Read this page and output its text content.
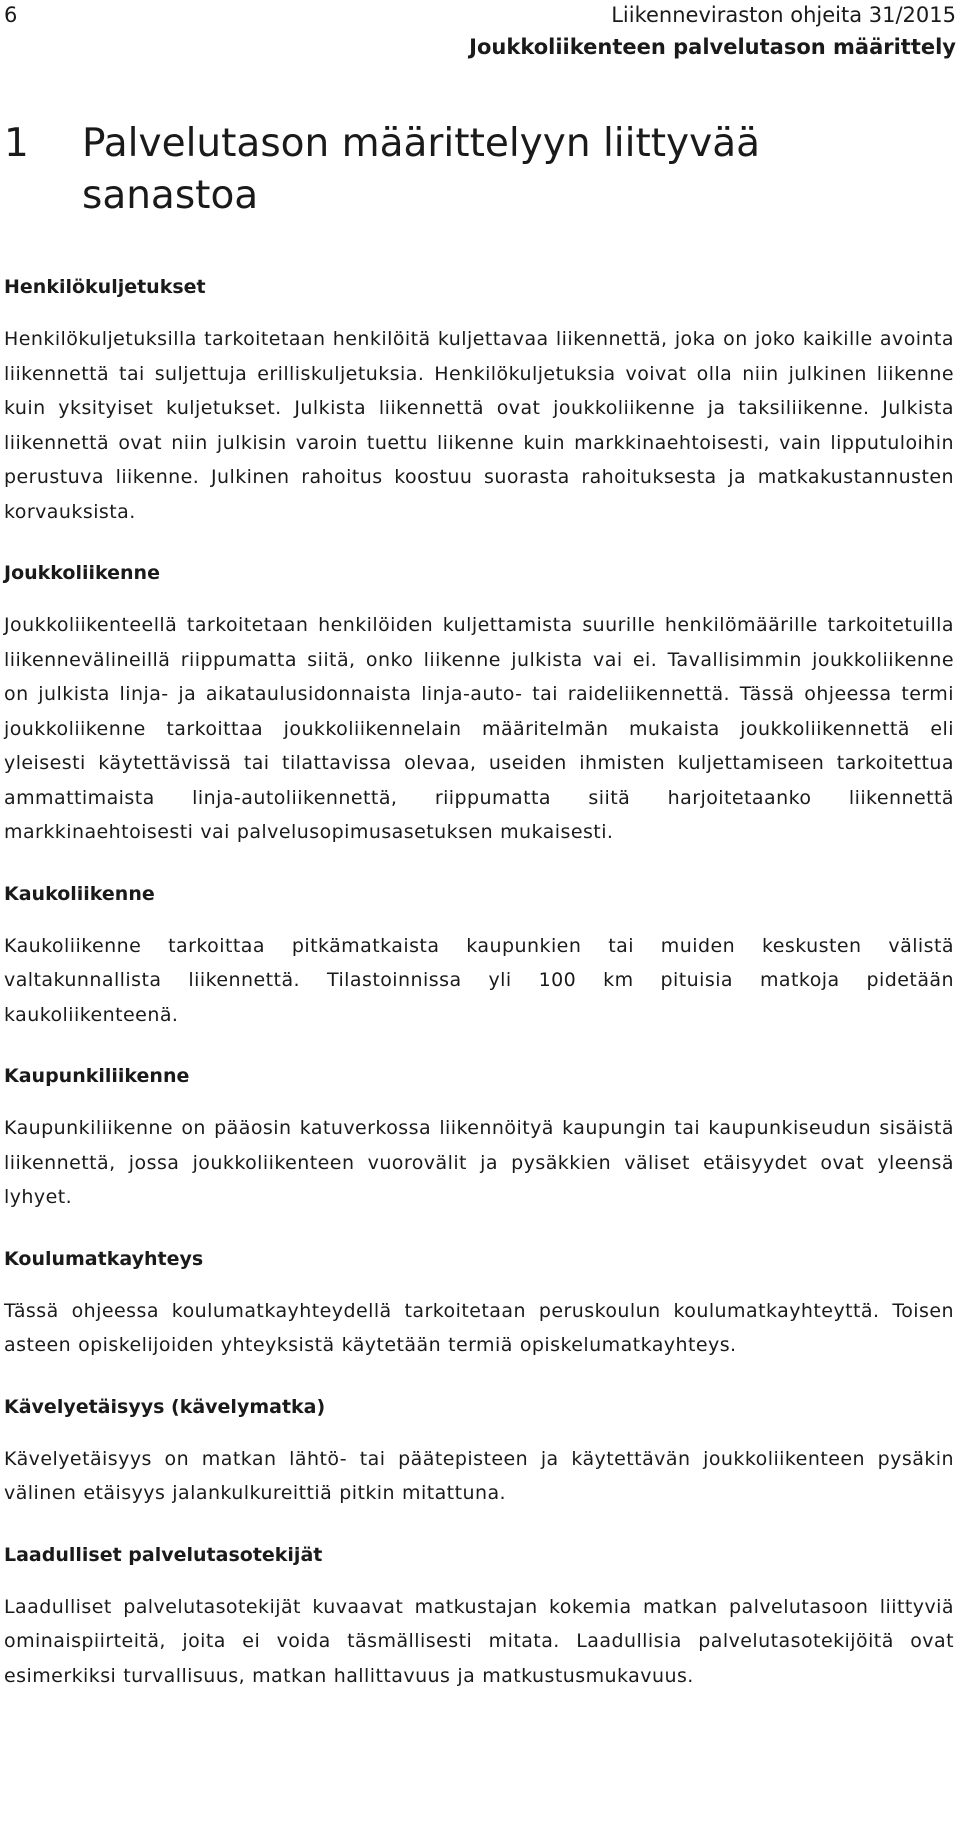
6	Liikenneviraston ohjeita 31/2015
Joukkoliikenteen palvelutason määrittely
1 Palvelutason määrittelyyn liittyvää sanastoa
Henkilökuljetukset

Henkilökuljetuksilla tarkoitetaan henkilöitä kuljettavaa liikennettä, joka on joko kaikille avointa liikennettä tai suljettuja erilliskuljetuksia. Henkilökuljetuksia voivat olla niin julkinen liikenne kuin yksityiset kuljetukset. Julkista liikennettä ovat joukkoliikenne ja taksiliikenne. Julkista liikennettä ovat niin julkisin varoin tuettu liikenne kuin markkinaehtoisesti, vain lipputuloihin perustuva liikenne. Julkinen rahoitus koostuu suorasta rahoituksesta ja matkakustannusten korvauksista.

Joukkoliikenne

Joukkoliikenteellä tarkoitetaan henkilöiden kuljettamista suurille henkilömäärille tarkoitetuilla liikennevälineillä riippumatta siitä, onko liikenne julkista vai ei. Tavallisimmin joukkoliikenne on julkista linja- ja aikataulusidonnaista linja-auto- tai raideliikennettä. Tässä ohjeessa termi joukkoliikenne tarkoittaa joukkoliikennelain määritelmän mukaista joukkoliikennettä eli yleisesti käytettävissä tai tilattavissa olevaa, useiden ihmisten kuljettamiseen tarkoitettua ammattimaista linja-autoliikennettä, riippumatta siitä harjoitetaanko liikennettä markkinaehtoisesti vai palvelusopimusasetuksen mukaisesti.

Kaukoliikenne

Kaukoliikenne tarkoittaa pitkämatkaista kaupunkien tai muiden keskusten välistä valtakunnallista liikennettä. Tilastoinnissa yli 100 km pituisia matkoja pidetään kaukoliikenteenä.

Kaupunkiliikenne

Kaupunkiliikenne on pääosin katuverkossa liikennöityä kaupungin tai kaupunkiseudun sisäistä liikennettä, jossa joukkoliikenteen vuorovälit ja pysäkkien väliset etäisyydet ovat yleensä lyhyet.

Koulumatkayhteys

Tässä ohjeessa koulumatkayhteydellä tarkoitetaan peruskoulun koulumatkayhteyttä. Toisen asteen opiskelijoiden yhteyksistä käytetään termiä opiskelumatkayhteys.

Kävelyetäisyys (kävelymatka)

Kävelyetäisyys on matkan lähtö- tai päätepisteen ja käytettävän joukkoliikenteen pysäkin välinen etäisyys jalankulkureittiä pitkin mitattuna.

Laadulliset palvelutasotekijät

Laadulliset palvelutasotekijät kuvaavat matkustajan kokemia matkan palvelutasoon liittyviä ominaispiirteitä, joita ei voida täsmällisesti mitata. Laadullisia palvelutasotekijöitä ovat esimerkiksi turvallisuus, matkan hallittavuus ja matkustusmukavuus.
